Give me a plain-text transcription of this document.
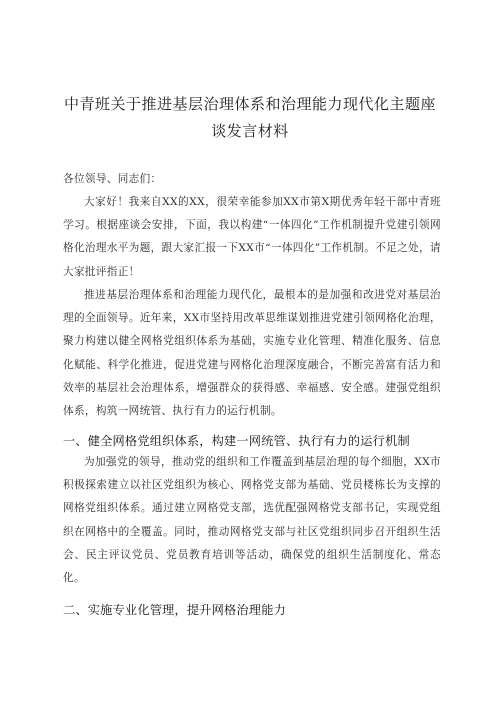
中青班关于推进基层治理体系和治理能力现代化主题座
谈发言材料

各位领导、同志们：

大家好！我来自XX的XX，很荣幸能参加XX市第X期优秀年轻干部中青班学习。根据座谈会安排，下面，我以构建“一体四化”工作机制提升党建引领网格化治理水平为题，跟大家汇报一下XX市“一体四化”工作机制。不足之处，请大家批评指正！

推进基层治理体系和治理能力现代化，最根本的是加强和改进党对基层治理的全面领导。近年来，XX市坚持用改革思维谋划推进党建引领网格化治理，聚力构建以健全网格党组织体系为基础，实施专业化管理、精准化服务、信息化赋能、科学化推进，促进党建与网格化治理深度融合，不断完善富有活力和效率的基层社会治理体系，增强群众的获得感、幸福感、安全感。建强党组织体系，构筑一网统管、执行有力的运行机制。

一、健全网格党组织体系，构建一网统管、执行有力的运行机制

为加强党的领导，推动党的组织和工作覆盖到基层治理的每个细胞，XX市积极探索建立以社区党组织为核心、网格党支部为基础、党员楼栋长为支撑的网格党组织体系。通过建立网格党支部，选优配强网格党支部书记，实现党组织在网格中的全覆盖。同时，推动网格党支部与社区党组织同步召开组织生活会、民主评议党员、党员教育培训等活动，确保党的组织生活制度化、常态化。

二、实施专业化管理，提升网格治理能力
